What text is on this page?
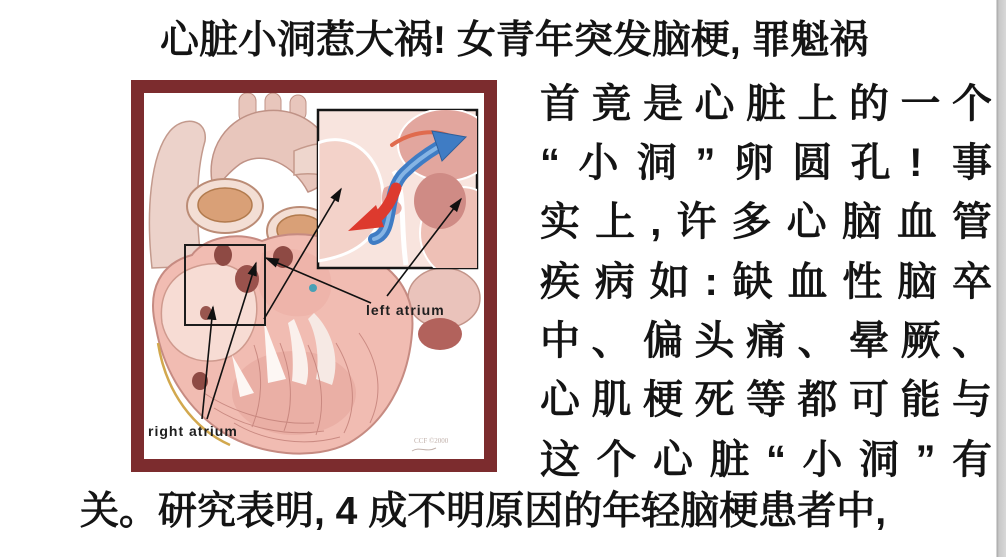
心脏小洞惹大祸! 女青年突发脑梗, 罪魁祸
left atrium
right atrium
CCF ©2000
首竟是心脏上的一个
“小洞”卵圆孔! 事
实上,许多心脑血管
疾病如:缺血性脑卒
中、偏头痛、晕厥、
心肌梗死等都可能与
这个心脏“小洞”有
关。研究表明, 4 成不明原因的年轻脑梗患者中,
